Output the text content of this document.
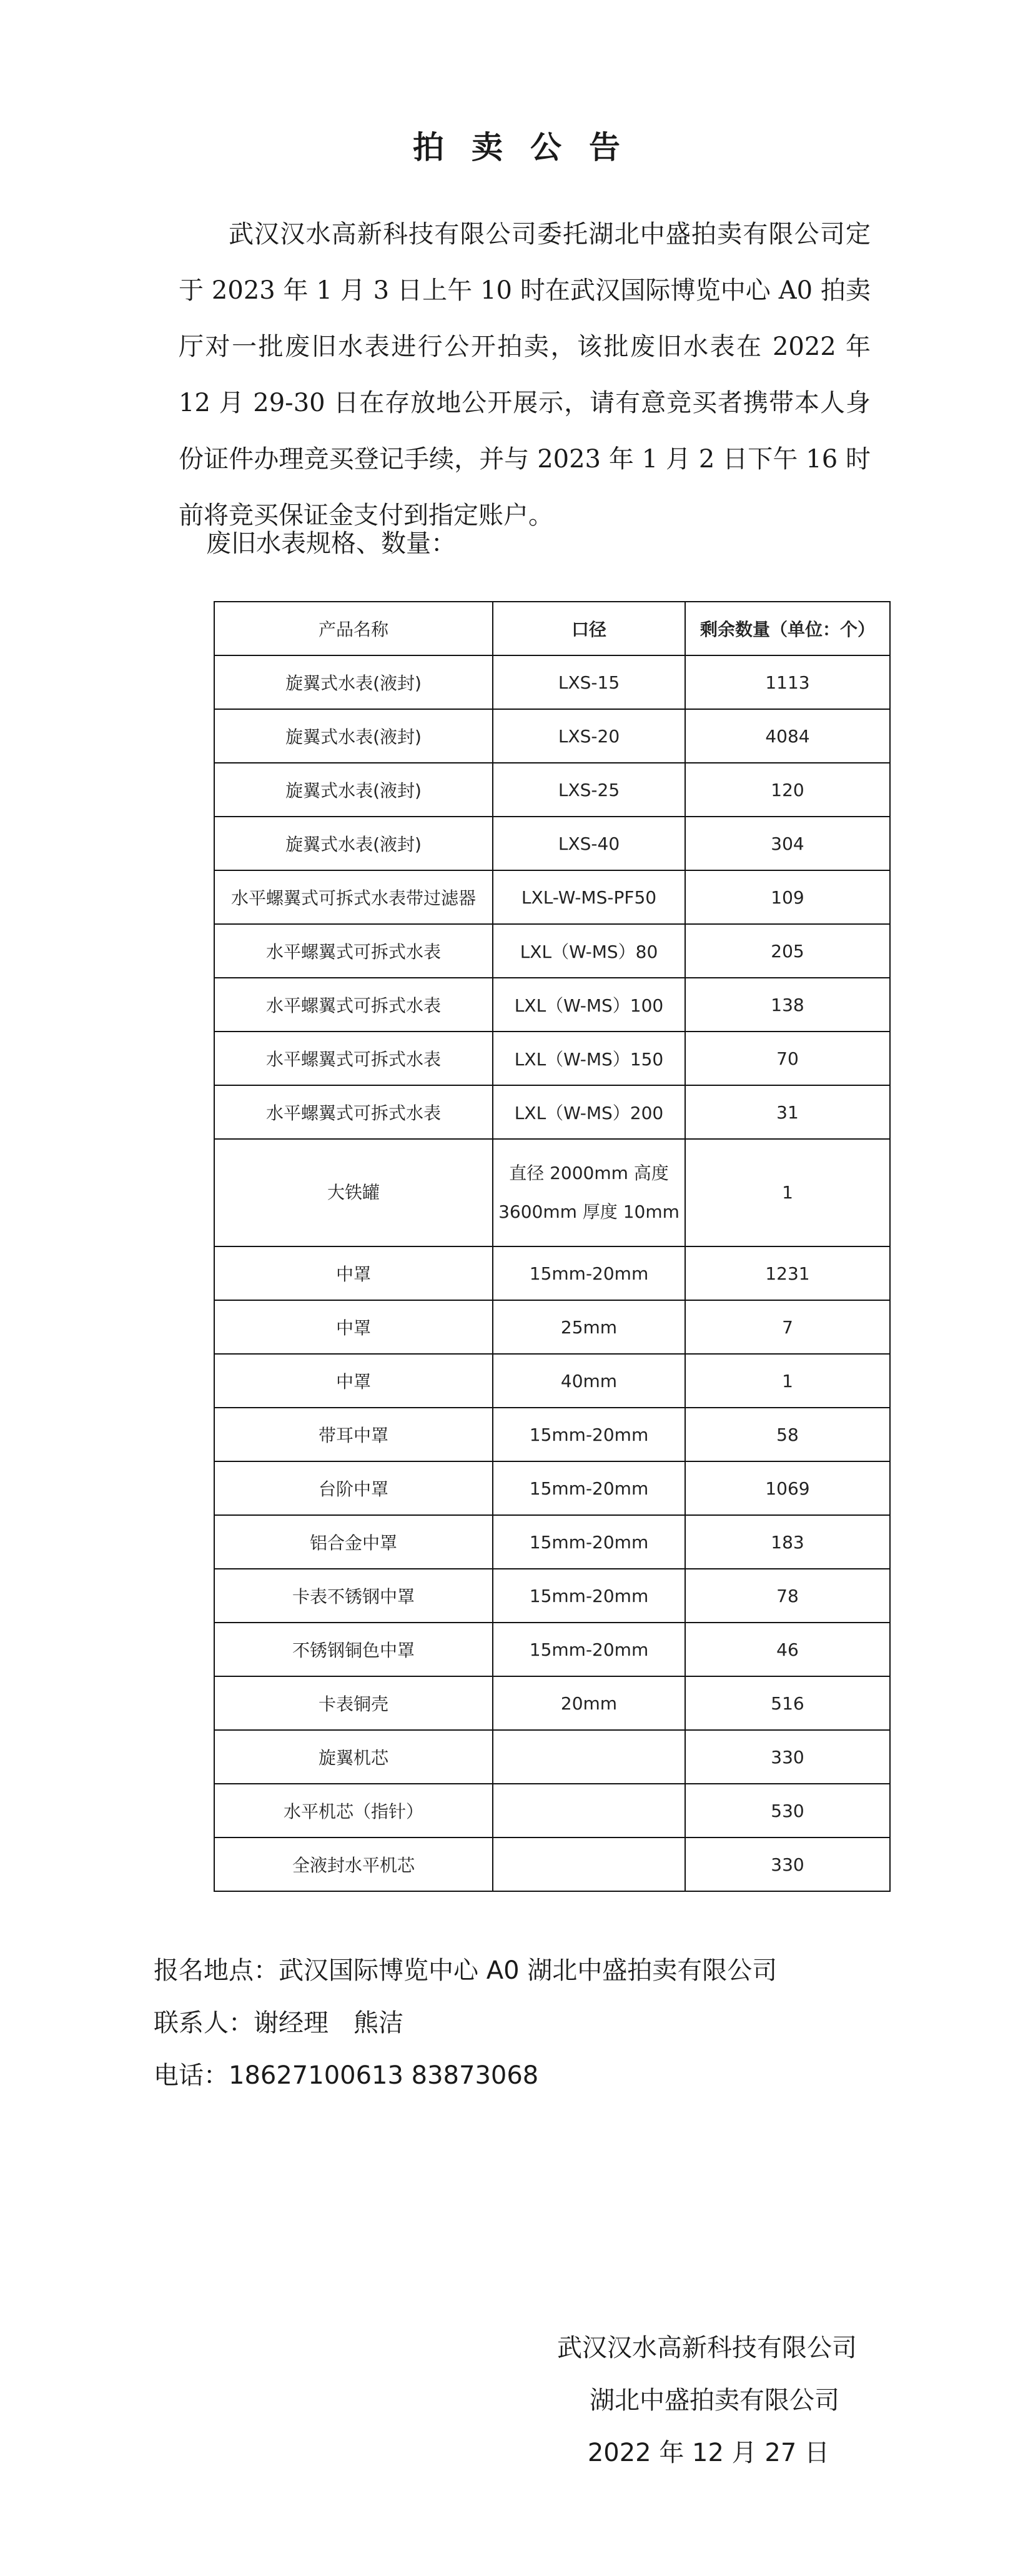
拍卖公告

武汉汉水高新科技有限公司委托湖北中盛拍卖有限公司定于 2023 年 1 月 3 日上午 10 时在武汉国际博览中心 A0 拍卖厅对一批废旧水表进行公开拍卖，该批废旧水表在 2022 年 12 月 29-30 日在存放地公开展示，请有意竞买者携带本人身份证件办理竞买登记手续，并与 2023 年 1 月 2 日下午 16 时前将竞买保证金支付到指定账户。

废旧水表规格、数量：
产品名称	口径	剩余数量（单位：个）
旋翼式水表(液封)	LXS-15	1113
旋翼式水表(液封)	LXS-20	4084
旋翼式水表(液封)	LXS-25	120
旋翼式水表(液封)	LXS-40	304
水平螺翼式可拆式水表带过滤器	LXL-W-MS-PF50	109
水平螺翼式可拆式水表	LXL（W-MS）80	205
水平螺翼式可拆式水表	LXL（W-MS）100	138
水平螺翼式可拆式水表	LXL（W-MS）150	70
水平螺翼式可拆式水表	LXL（W-MS）200	31
大铁罐	直径 2000mm 高度 3600mm 厚度 10mm	1
中罩	15mm-20mm	1231
中罩	25mm	7
中罩	40mm	1
带耳中罩	15mm-20mm	58
台阶中罩	15mm-20mm	1069
铝合金中罩	15mm-20mm	183
卡表不锈钢中罩	15mm-20mm	78
不锈钢铜色中罩	15mm-20mm	46
卡表铜壳	20mm	516
旋翼机芯		330
水平机芯（指针）		530
全液封水平机芯		330
报名地点：武汉国际博览中心 A0 湖北中盛拍卖有限公司
联系人：谢经理　熊洁
电话：18627100613 83873068
武汉汉水高新科技有限公司
湖北中盛拍卖有限公司
2022 年 12 月 27 日
